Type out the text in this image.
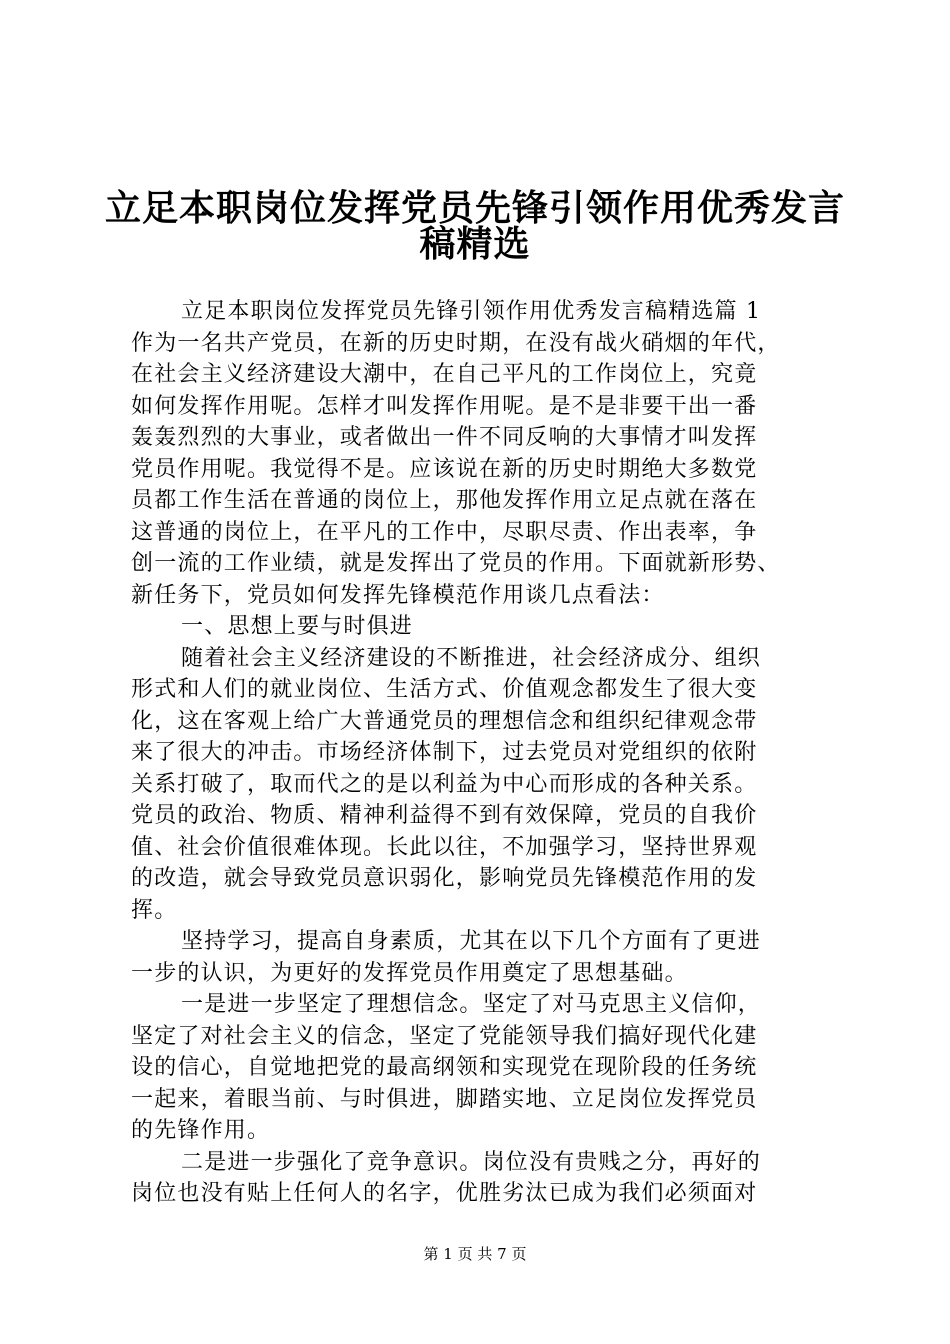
立足本职岗位发挥党员先锋引领作用优秀发言
稿精选

立足本职岗位发挥党员先锋引领作用优秀发言稿精选篇 1

作为一名共产党员，在新的历史时期，在没有战火硝烟的年代，

在社会主义经济建设大潮中，在自己平凡的工作岗位上，究竟

如何发挥作用呢。怎样才叫发挥作用呢。是不是非要干出一番

轰轰烈烈的大事业，或者做出一件不同反响的大事情才叫发挥

党员作用呢。我觉得不是。应该说在新的历史时期绝大多数党

员都工作生活在普通的岗位上，那他发挥作用立足点就在落在

这普通的岗位上，在平凡的工作中，尽职尽责、作出表率，争

创一流的工作业绩，就是发挥出了党员的作用。下面就新形势、

新任务下，党员如何发挥先锋模范作用谈几点看法：

一、思想上要与时俱进

随着社会主义经济建设的不断推进，社会经济成分、组织

形式和人们的就业岗位、生活方式、价值观念都发生了很大变

化，这在客观上给广大普通党员的理想信念和组织纪律观念带

来了很大的冲击。市场经济体制下，过去党员对党组织的依附

关系打破了，取而代之的是以利益为中心而形成的各种关系。

党员的政治、物质、精神利益得不到有效保障，党员的自我价

值、社会价值很难体现。长此以往，不加强学习，坚持世界观

的改造，就会导致党员意识弱化，影响党员先锋模范作用的发

挥。

坚持学习，提高自身素质，尤其在以下几个方面有了更进

一步的认识，为更好的发挥党员作用奠定了思想基础。

一是进一步坚定了理想信念。坚定了对马克思主义信仰，

坚定了对社会主义的信念，坚定了党能领导我们搞好现代化建

设的信心，自觉地把党的最高纲领和实现党在现阶段的任务统

一起来，着眼当前、与时俱进，脚踏实地、立足岗位发挥党员

的先锋作用。

二是进一步强化了竞争意识。岗位没有贵贱之分，再好的

岗位也没有贴上任何人的名字，优胜劣汰已成为我们必须面对

第 1 页 共 7 页
